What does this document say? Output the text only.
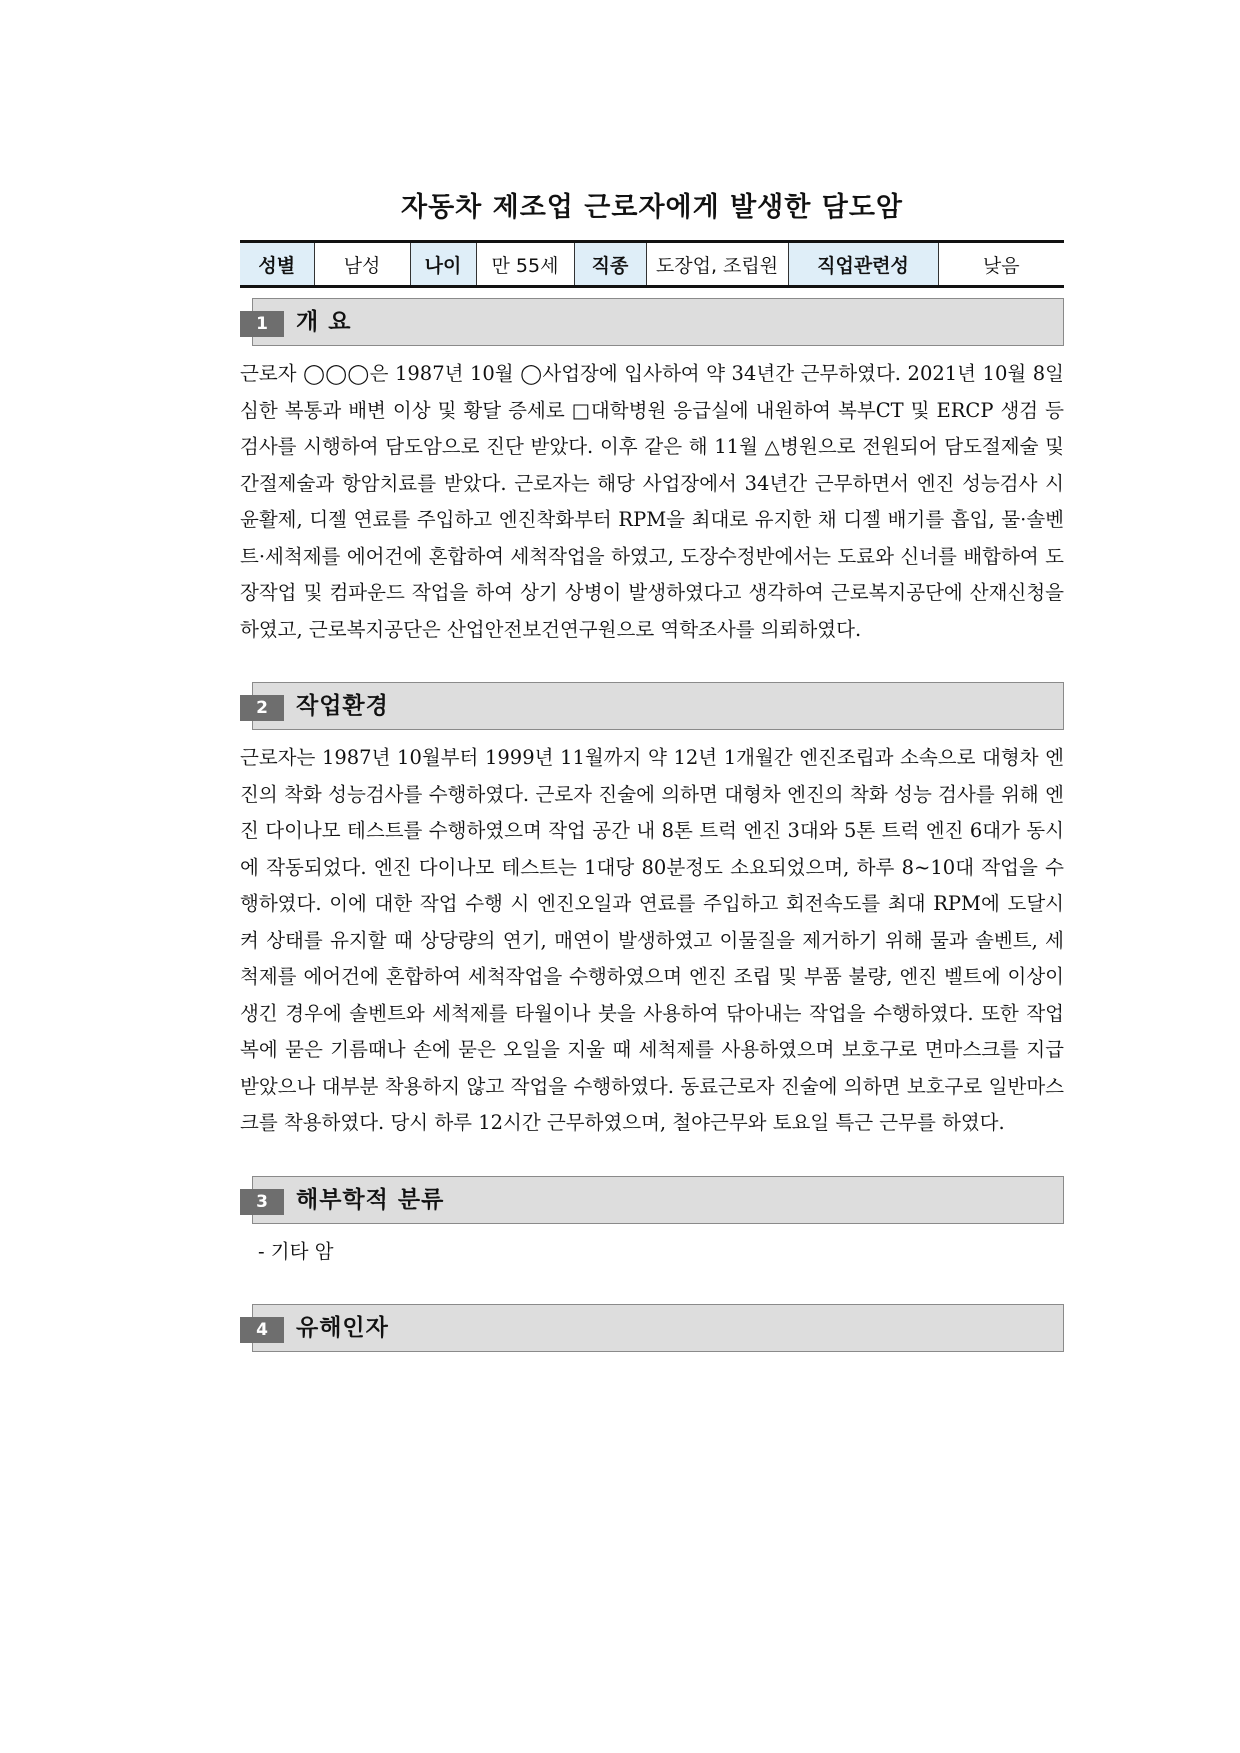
자동차 제조업 근로자에게 발생한 담도암
성별	남성	나이	만 55세	직종	도장업, 조립원	직업관련성	낮음
1	개 요

근로자 ◯◯◯은 1987년 10월 ◯사업장에 입사하여 약 34년간 근무하였다. 2021년 10월 8일 심한 복통과 배변 이상 및 황달 증세로 □대학병원 응급실에 내원하여 복부CT 및 ERCP 생검 등 검사를 시행하여 담도암으로 진단 받았다. 이후 같은 해 11월 △병원으로 전원되어 담도절제술 및 간절제술과 항암치료를 받았다. 근로자는 해당 사업장에서 34년간 근무하면서 엔진 성능검사 시 윤활제, 디젤 연료를 주입하고 엔진착화부터 RPM을 최대로 유지한 채 디젤 배기를 흡입, 물·솔벤트·세척제를 에어건에 혼합하여 세척작업을 하였고, 도장수정반에서는 도료와 신너를 배합하여 도장작업 및 컴파운드 작업을 하여 상기 상병이 발생하였다고 생각하여 근로복지공단에 산재신청을 하였고, 근로복지공단은 산업안전보건연구원으로 역학조사를 의뢰하였다.

2	작업환경

근로자는 1987년 10월부터 1999년 11월까지 약 12년 1개월간 엔진조립과 소속으로 대형차 엔진의 착화 성능검사를 수행하였다. 근로자 진술에 의하면 대형차 엔진의 착화 성능 검사를 위해 엔진 다이나모 테스트를 수행하였으며 작업 공간 내 8톤 트럭 엔진 3대와 5톤 트럭 엔진 6대가 동시에 작동되었다. 엔진 다이나모 테스트는 1대당 80분정도 소요되었으며, 하루 8~10대 작업을 수행하였다. 이에 대한 작업 수행 시 엔진오일과 연료를 주입하고 회전속도를 최대 RPM에 도달시켜 상태를 유지할 때 상당량의 연기, 매연이 발생하였고 이물질을 제거하기 위해 물과 솔벤트, 세척제를 에어건에 혼합하여 세척작업을 수행하였으며 엔진 조립 및 부품 불량, 엔진 벨트에 이상이 생긴 경우에 솔벤트와 세척제를 타월이나 붓을 사용하여 닦아내는 작업을 수행하였다. 또한 작업복에 묻은 기름때나 손에 묻은 오일을 지울 때 세척제를 사용하였으며 보호구로 면마스크를 지급받았으나 대부분 착용하지 않고 작업을 수행하였다. 동료근로자 진술에 의하면 보호구로 일반마스크를 착용하였다. 당시 하루 12시간 근무하였으며, 철야근무와 토요일 특근 근무를 하였다.

3	해부학적 분류

- 기타 암

4	유해인자
